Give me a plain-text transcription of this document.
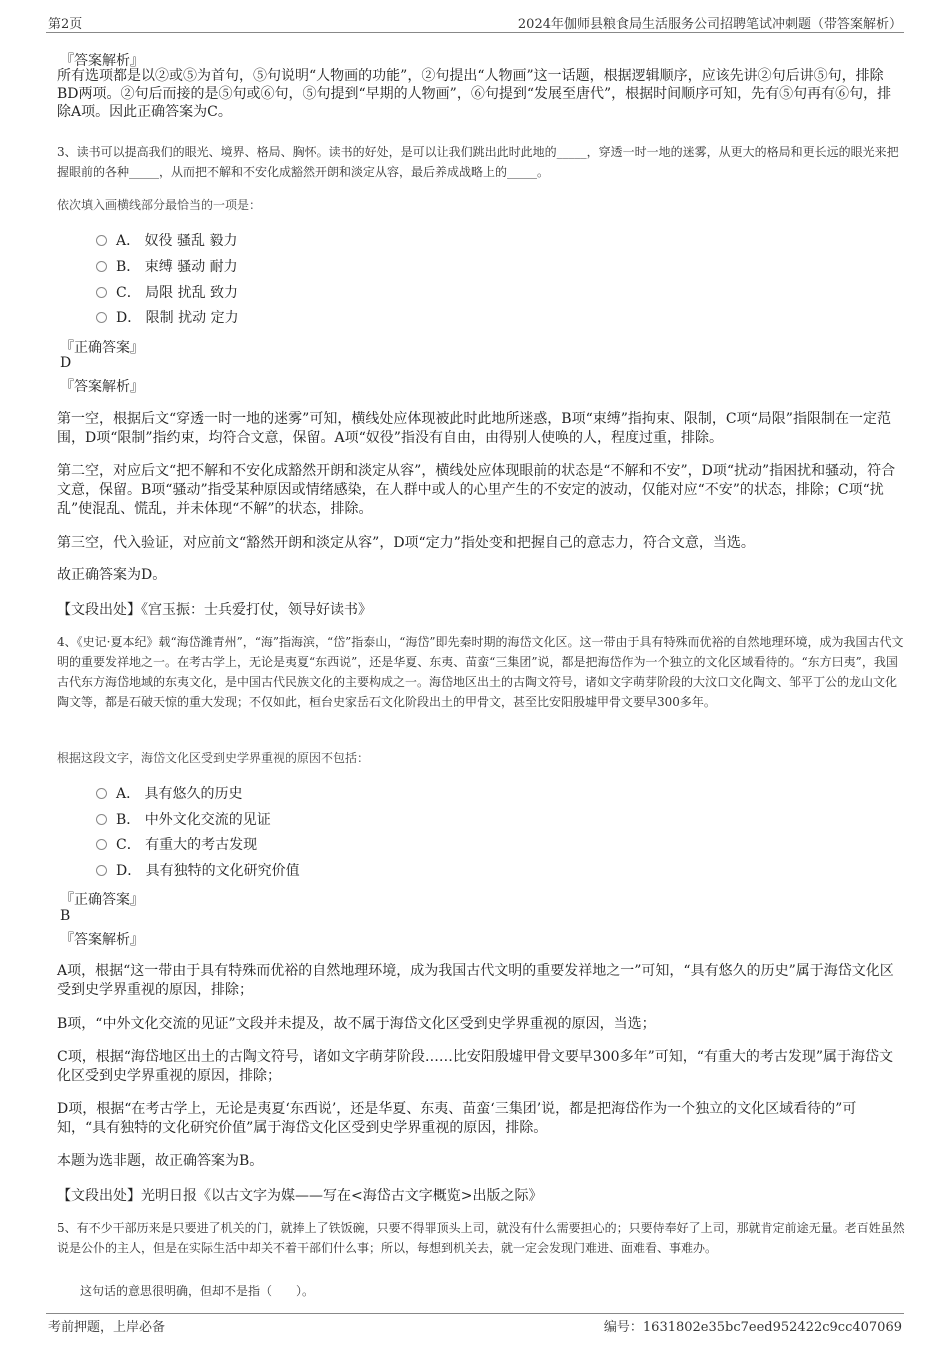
第2页	2024年伽师县粮食局生活服务公司招聘笔试冲刺题（带答案解析）
『答案解析』
所有选项都是以②或⑤为首句，⑤句说明“人物画的功能”，②句提出“人物画”这一话题，根据逻辑顺序，应该先讲②句后讲⑤句，排除BD两项。②句后而接的是⑤句或⑥句，⑤句提到“早期的人物画”，⑥句提到“发展至唐代”，根据时间顺序可知，先有⑤句再有⑥句，排除A项。因此正确答案为C。
3、读书可以提高我们的眼光、境界、格局、胸怀。读书的好处，是可以让我们跳出此时此地的_____，穿透一时一地的迷雾，从更大的格局和更长远的眼光来把握眼前的各种_____，从而把不解和不安化成豁然开朗和淡定从容，最后养成战略上的_____。
依次填入画横线部分最恰当的一项是：
A． 奴役 骚乱 毅力
B． 束缚 骚动 耐力
C． 局限 扰乱 致力
D． 限制 扰动 定力
『正确答案』
D
『答案解析』
第一空，根据后文“穿透一时一地的迷雾”可知，横线处应体现被此时此地所迷惑，B项“束缚”指拘束、限制，C项“局限”指限制在一定范围，D项“限制”指约束，均符合文意，保留。A项“奴役”指没有自由，由得别人使唤的人，程度过重，排除。
第二空，对应后文“把不解和不安化成豁然开朗和淡定从容”，横线处应体现眼前的状态是“不解和不安”，D项“扰动”指困扰和骚动，符合文意，保留。B项“骚动”指受某种原因或情绪感染，在人群中或人的心里产生的不安定的波动，仅能对应“不安”的状态，排除；C项“扰乱”使混乱、慌乱，并未体现“不解”的状态，排除。
第三空，代入验证，对应前文“豁然开朗和淡定从容”，D项“定力”指处变和把握自己的意志力，符合文意，当选。
故正确答案为D。
【文段出处】《宫玉振：士兵爱打仗，领导好读书》
4、《史记·夏本纪》载“海岱潍青州”，“海”指海滨，“岱”指泰山，“海岱”即先秦时期的海岱文化区。这一带由于具有特殊而优裕的自然地理环境，成为我国古代文明的重要发祥地之一。在考古学上，无论是夷夏“东西说”，还是华夏、东夷、苗蛮“三集团”说，都是把海岱作为一个独立的文化区域看待的。“东方曰夷”，我国古代东方海岱地域的东夷文化，是中国古代民族文化的主要构成之一。海岱地区出土的古陶文符号，诸如文字萌芽阶段的大汶口文化陶文、邹平丁公的龙山文化陶文等，都是石破天惊的重大发现；不仅如此，桓台史家岳石文化阶段出土的甲骨文，甚至比安阳殷墟甲骨文要早300多年。
根据这段文字，海岱文化区受到史学界重视的原因不包括：
A． 具有悠久的历史
B． 中外文化交流的见证
C． 有重大的考古发现
D． 具有独特的文化研究价值
『正确答案』
B
『答案解析』
A项，根据“这一带由于具有特殊而优裕的自然地理环境，成为我国古代文明的重要发祥地之一”可知，“具有悠久的历史”属于海岱文化区受到史学界重视的原因，排除；
B项，“中外文化交流的见证”文段并未提及，故不属于海岱文化区受到史学界重视的原因，当选；
C项，根据“海岱地区出土的古陶文符号，诸如文字萌芽阶段……比安阳殷墟甲骨文要早300多年”可知，“有重大的考古发现”属于海岱文化区受到史学界重视的原因，排除；
D项，根据“在考古学上，无论是夷夏‘东西说’，还是华夏、东夷、苗蛮‘三集团’说，都是把海岱作为一个独立的文化区域看待的”可知，“具有独特的文化研究价值”属于海岱文化区受到史学界重视的原因，排除。
本题为选非题，故正确答案为B。
【文段出处】光明日报《以古文字为媒——写在<海岱古文字概览>出版之际》
5、有不少干部历来是只要进了机关的门，就捧上了铁饭碗，只要不得罪顶头上司，就没有什么需要担心的；只要侍奉好了上司，那就肯定前途无量。老百姓虽然说是公仆的主人，但是在实际生活中却关不着干部们什么事；所以，每想到机关去，就一定会发现门难进、面难看、事难办。
这句话的意思很明确，但却不是指（　　）。
考前押题，上岸必备	编号：1631802e35bc7eed952422c9cc407069
